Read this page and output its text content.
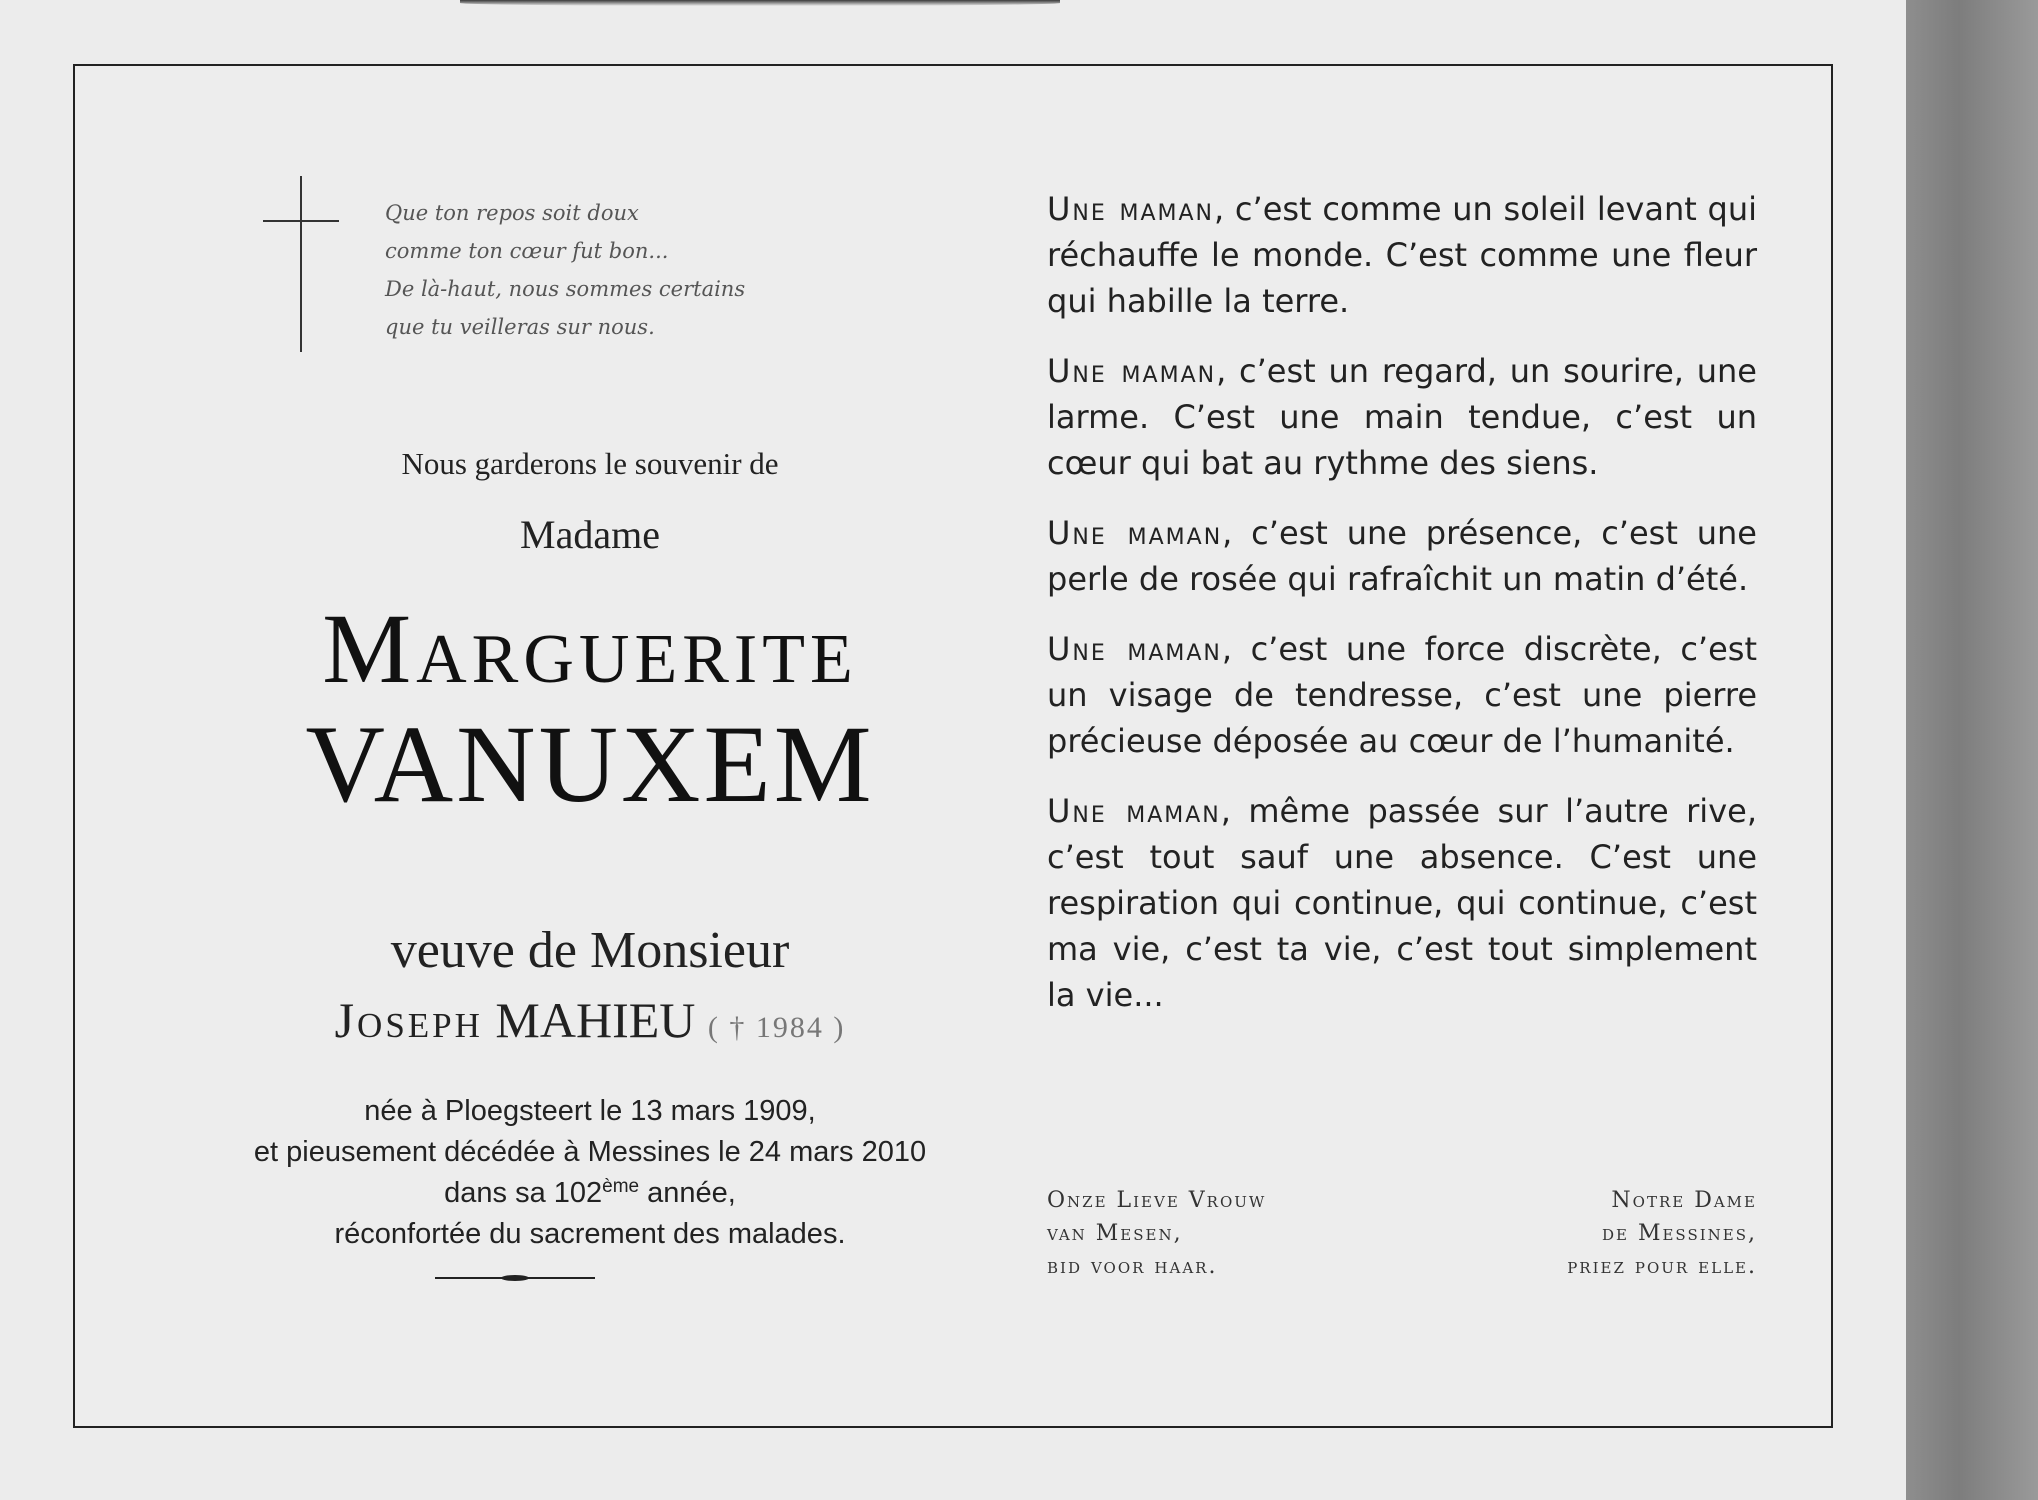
Que ton repos soit doux
comme ton cœur fut bon...
De là-haut, nous sommes certains
que tu veilleras sur nous.
Nous garderons le souvenir de
Madame
Marguerite
VANUXEM
veuve de Monsieur
Joseph MAHIEU ( † 1984 )
née à Ploegsteert le 13 mars 1909,
et pieusement décédée à Messines le 24 mars 2010
dans sa 102ème année,
réconfortée du sacrement des malades.

Une maman, c’est comme un soleil levant qui réchauffe le monde. C’est comme une fleur qui habille la terre.

Une maman, c’est un regard, un sourire, une larme. C’est une main tendue, c’est un cœur qui bat au rythme des siens.

Une maman, c’est une présence, c’est une perle de rosée qui rafraîchit un matin d’été.

Une maman, c’est une force discrète, c’est un visage de tendresse, c’est une pierre précieuse déposée au cœur de l’humanité.

Une maman, même passée sur l’autre rive, c’est tout sauf une absence. C’est une respiration qui continue, qui continue, c’est ma vie, c’est ta vie, c’est tout simplement la vie...

Onze Lieve Vrouw
van Mesen,
bid voor haar.
Notre Dame
de Messines,
priez pour elle.
